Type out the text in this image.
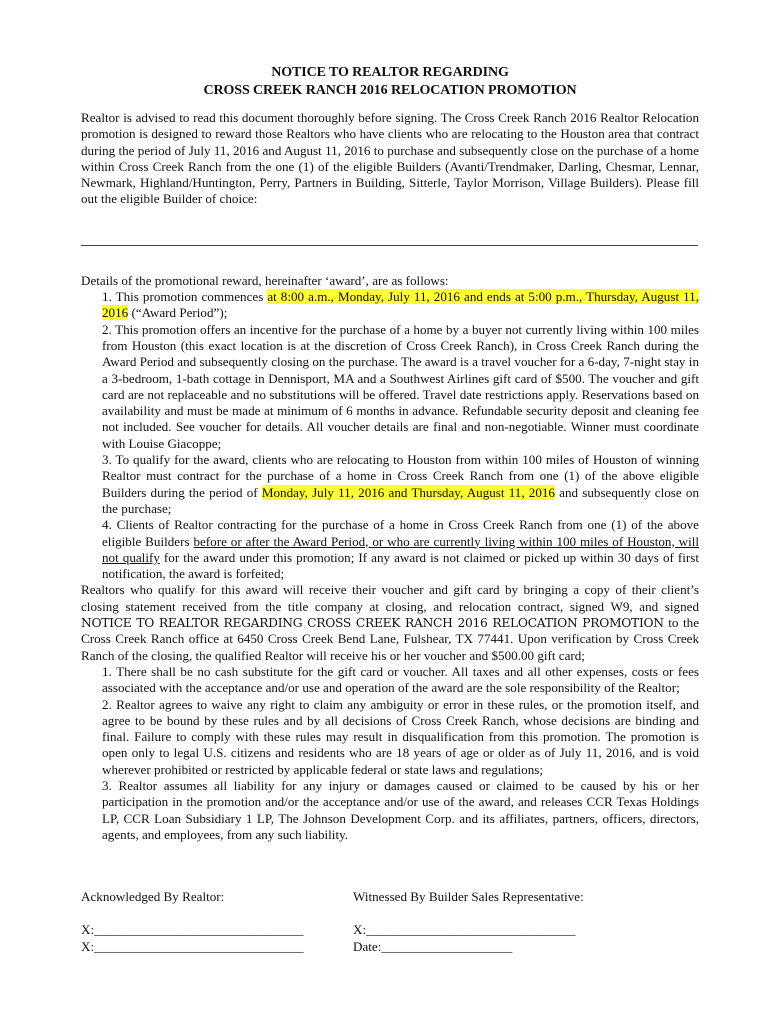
NOTICE TO REALTOR REGARDING
CROSS CREEK RANCH 2016 RELOCATION PROMOTION

Realtor is advised to read this document thoroughly before signing. The Cross Creek Ranch 2016 Realtor Relocation promotion is designed to reward those Realtors who have clients who are relocating to the Houston area that contract during the period of July 11, 2016 and August 11, 2016 to purchase and subsequently close on the purchase of a home within Cross Creek Ranch from the one (1) of the eligible Builders (Avanti/Trendmaker, Darling, Chesmar, Lennar, Newmark, Highland/Huntington, Perry, Partners in Building, Sitterle, Taylor Morrison, Village Builders). Please fill out the eligible Builder of choice:

Details of the promotional reward, hereinafter ‘award’, are as follows:

1. This promotion commences at 8:00 a.m., Monday, July 11, 2016 and ends at 5:00 p.m., Thursday, August 11, 2016 (“Award Period”);
2. This promotion offers an incentive for the purchase of a home by a buyer not currently living within 100 miles from Houston (this exact location is at the discretion of Cross Creek Ranch), in Cross Creek Ranch during the Award Period and subsequently closing on the purchase. The award is a travel voucher for a 6-day, 7-night stay in a 3-bedroom, 1-bath cottage in Dennisport, MA and a Southwest Airlines gift card of $500. The voucher and gift card are not replaceable and no substitutions will be offered. Travel date restrictions apply. Reservations based on availability and must be made at minimum of 6 months in advance. Refundable security deposit and cleaning fee not included. See voucher for details. All voucher details are final and non-negotiable. Winner must coordinate with Louise Giacoppe;
3. To qualify for the award, clients who are relocating to Houston from within 100 miles of Houston of winning Realtor must contract for the purchase of a home in Cross Creek Ranch from one (1) of the above eligible Builders during the period of Monday, July 11, 2016 and Thursday, August 11, 2016 and subsequently close on the purchase;
4. Clients of Realtor contracting for the purchase of a home in Cross Creek Ranch from one (1) of the above eligible Builders before or after the Award Period, or who are currently living within 100 miles of Houston, will not qualify for the award under this promotion; If any award is not claimed or picked up within 30 days of first notification, the award is forfeited;

Realtors who qualify for this award will receive their voucher and gift card by bringing a copy of their client’s closing statement received from the title company at closing, and relocation contract, signed W9, and signed NOTICE TO REALTOR REGARDING CROSS CREEK RANCH 2016 RELOCATION PROMOTION to the Cross Creek Ranch office at 6450 Cross Creek Bend Lane, Fulshear, TX 77441. Upon verification by Cross Creek Ranch of the closing, the qualified Realtor will receive his or her voucher and $500.00 gift card;

1. There shall be no cash substitute for the gift card or voucher. All taxes and all other expenses, costs or fees associated with the acceptance and/or use and operation of the award are the sole responsibility of the Realtor;
2. Realtor agrees to waive any right to claim any ambiguity or error in these rules, or the promotion itself, and agree to be bound by these rules and by all decisions of Cross Creek Ranch, whose decisions are binding and final. Failure to comply with these rules may result in disqualification from this promotion. The promotion is open only to legal U.S. citizens and residents who are 18 years of age or older as of July 11, 2016, and is void wherever prohibited or restricted by applicable federal or state laws and regulations;
3. Realtor assumes all liability for any injury or damages caused or claimed to be caused by his or her participation in the promotion and/or the acceptance and/or use of the award, and releases CCR Texas Holdings LP, CCR Loan Subsidiary 1 LP, The Johnson Development Corp. and its affiliates, partners, officers, directors, agents, and employees, from any such liability.
Acknowledged By Realtor:
X:________________________________
X:________________________________
Witnessed By Builder Sales Representative:
X:________________________________
Date:____________________
